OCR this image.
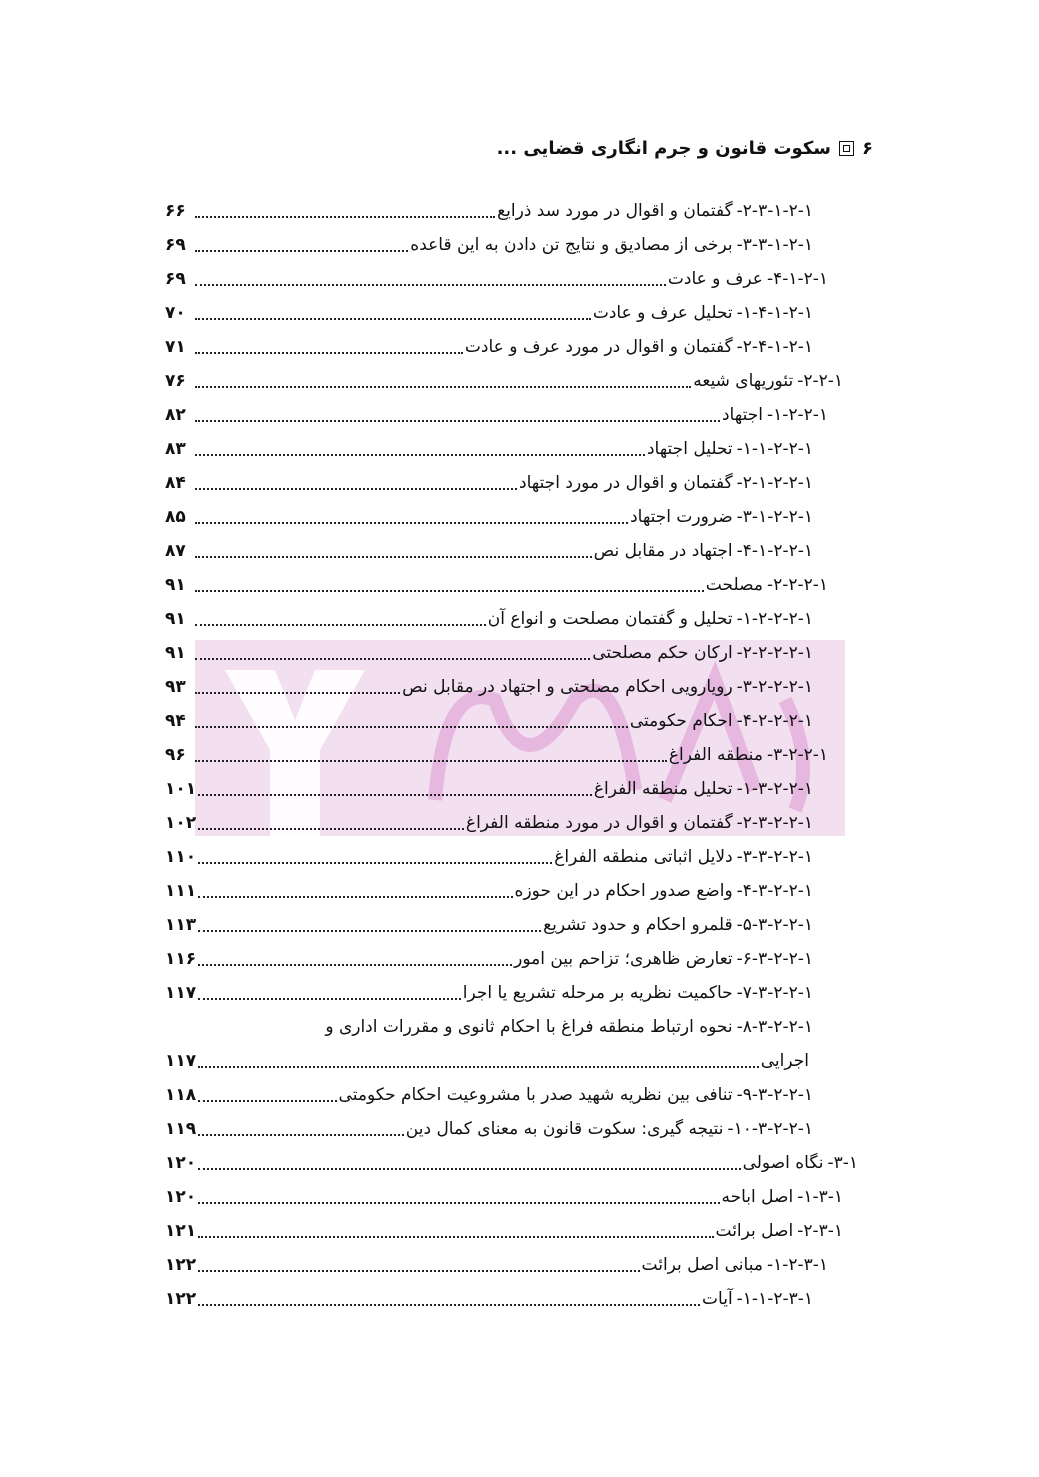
۶
سکوت قانون و جرم انگاری قضایی ...
-۲-۳-۱-۲-۱
گفتمان و اقوال در مورد سد ذرایع
۶۶
-۳-۳-۱-۲-۱
برخی از مصادیق و نتایج تن دادن به این قاعده
۶۹
-۴-۱-۲-۱
عرف و عادت
۶۹
-۱-۴-۱-۲-۱
تحلیل عرف و عادت
۷۰
-۲-۴-۱-۲-۱
گفتمان و اقوال در مورد عرف و عادت
۷۱
-۲-۲-۱
تئوریهای شیعه
۷۶
-۱-۲-۲-۱
اجتهاد
۸۲
-۱-۱-۲-۲-۱
تحلیل اجتهاد
۸۳
-۲-۱-۲-۲-۱
گفتمان و اقوال در مورد اجتهاد
۸۴
-۳-۱-۲-۲-۱
ضرورت اجتهاد
۸۵
-۴-۱-۲-۲-۱
اجتهاد در مقابل نص
۸۷
-۲-۲-۲-۱
مصلحت
۹۱
-۱-۲-۲-۲-۱
تحلیل و گفتمان مصلحت و انواع آن
۹۱
-۲-۲-۲-۲-۱
ارکان حکم مصلحتی
۹۱
-۳-۲-۲-۲-۱
رویارویی احکام مصلحتی و اجتهاد در مقابل نص
۹۳
-۴-۲-۲-۲-۱
احکام حکومتی
۹۴
-۳-۲-۲-۱
منطقه الفراغ
۹۶
-۱-۳-۲-۲-۱
تحلیل منطقه الفراغ
۱۰۱
-۲-۳-۲-۲-۱
گفتمان و اقوال در مورد منطقه الفراغ
۱۰۲
-۳-۳-۲-۲-۱
دلایل اثباتی منطقه الفراغ
۱۱۰
-۴-۳-۲-۲-۱
واضع صدور احکام در این حوزه
۱۱۱
-۵-۳-۲-۲-۱
قلمرو احکام و حدود تشریع
۱۱۳
-۶-۳-۲-۲-۱
تعارض ظاهری؛ تزاحم بین امور
۱۱۶
-۷-۳-۲-۲-۱
حاکمیت نظریه بر مرحله تشریع یا اجرا
۱۱۷
-۸-۳-۲-۲-۱
نحوه ارتباط منطقه فراغ با احکام ثانوی و مقررات اداری و
اجرایی
۱۱۷
-۹-۳-۲-۲-۱
تنافی بین نظریه شهید صدر با مشروعیت احکام حکومتی
۱۱۸
-۱۰-۳-۲-۲-۱
نتیجه گیری: سکوت قانون به معنای کمال دین
۱۱۹
-۳-۱
نگاه اصولی
۱۲۰
-۱-۳-۱
اصل اباحه
۱۲۰
-۲-۳-۱
اصل برائت
۱۲۱
-۱-۲-۳-۱
مبانی اصل برائت
۱۲۲
-۱-۱-۲-۳-۱
آیات
۱۲۲
